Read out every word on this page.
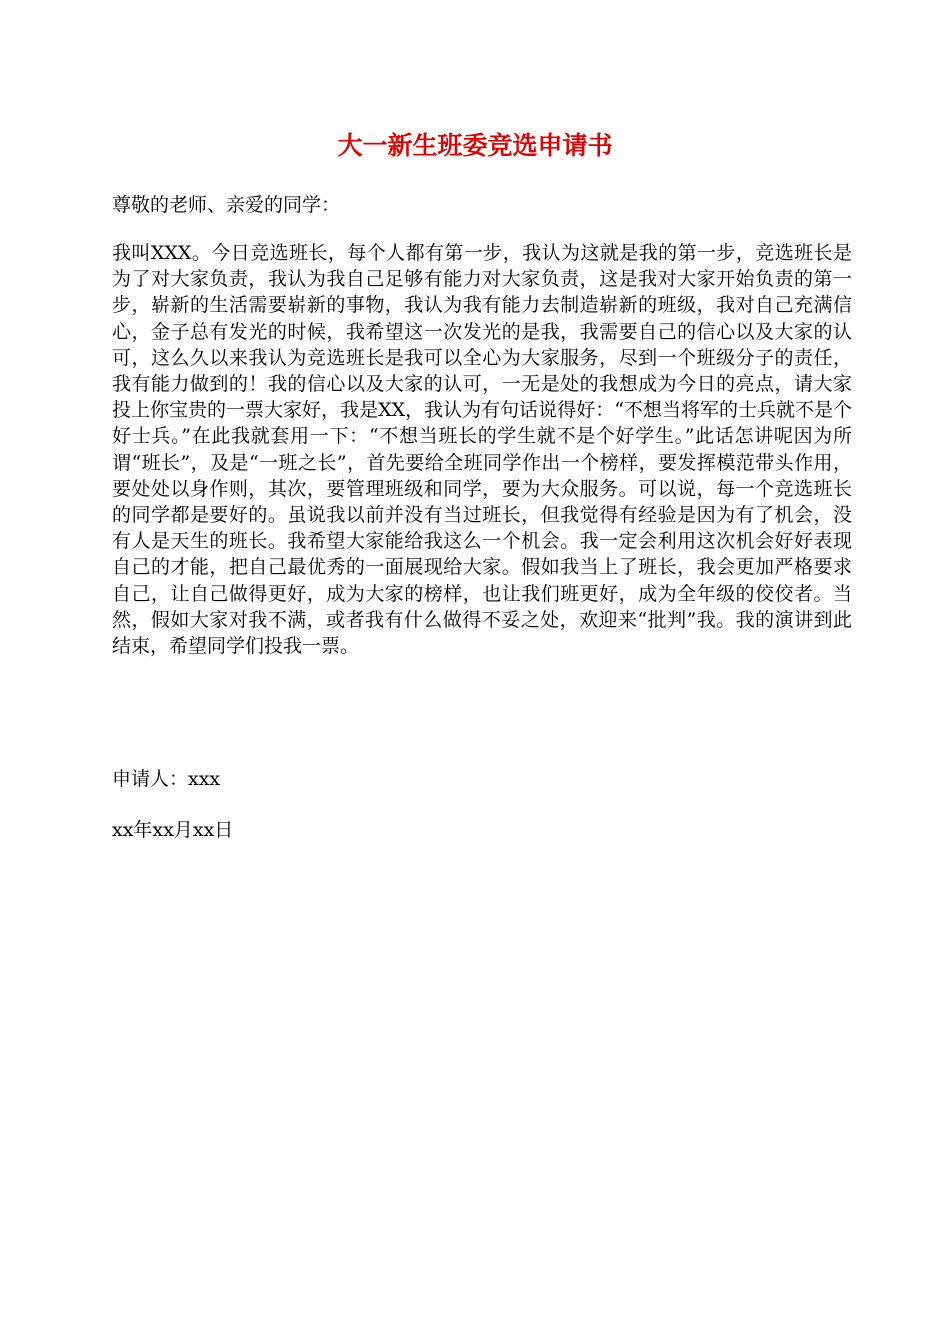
大一新生班委竞选申请书
尊敬的老师、亲爱的同学：

我叫XXX。今日竞选班长，每个人都有第一步，我认为这就是我的第一步，竞选班长是为了对大家负责，我认为我自己足够有能力对大家负责，这是我对大家开始负责的第一步，崭新的生活需要崭新的事物，我认为我有能力去制造崭新的班级，我对自己充满信心，金子总有发光的时候，我希望这一次发光的是我，我需要自己的信心以及大家的认可，这么久以来我认为竞选班长是我可以全心为大家服务，尽到一个班级分子的责任，我有能力做到的！我的信心以及大家的认可，一无是处的我想成为今日的亮点，请大家投上你宝贵的一票大家好，我是XX，我认为有句话说得好：“不想当将军的士兵就不是个好士兵。”在此我就套用一下：“不想当班长的学生就不是个好学生。”此话怎讲呢因为所谓“班长”，及是“一班之长”，首先要给全班同学作出一个榜样，要发挥模范带头作用，要处处以身作则，其次，要管理班级和同学，要为大众服务。可以说，每一个竞选班长的同学都是要好的。虽说我以前并没有当过班长，但我觉得有经验是因为有了机会，没有人是天生的班长。我希望大家能给我这么一个机会。我一定会利用这次机会好好表现自己的才能，把自己最优秀的一面展现给大家。假如我当上了班长，我会更加严格要求自己，让自己做得更好，成为大家的榜样，也让我们班更好，成为全年级的佼佼者。当然，假如大家对我不满，或者我有什么做得不妥之处，欢迎来“批判”我。我的演讲到此结束，希望同学们投我一票。

申请人：xxx
xx年xx月xx日
